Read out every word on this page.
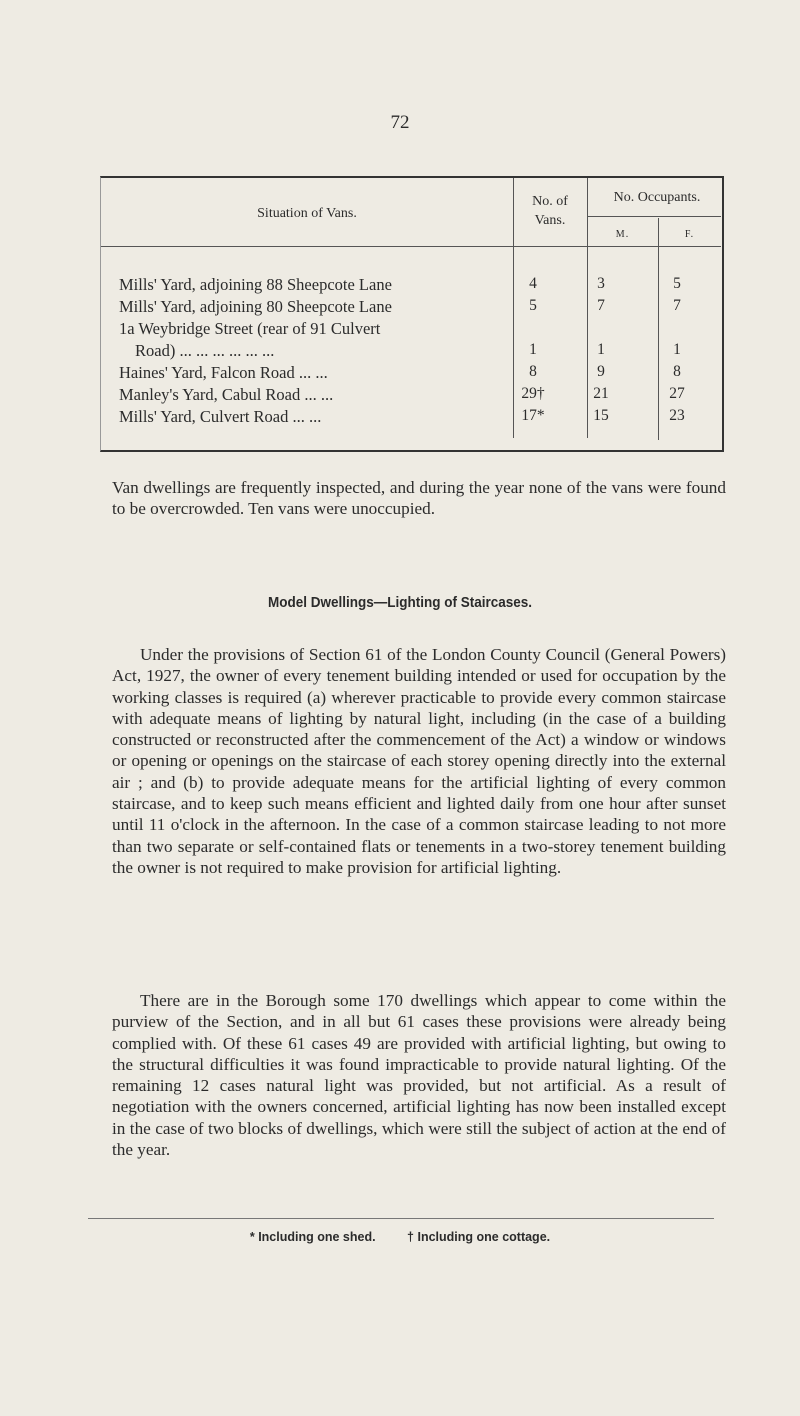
72
Situation of Vans.
No. of
Vans.
No. Occupants.
M.	F.
Mills' Yard, adjoining 88 Sheepcote Lane	4	3	5
Mills' Yard, adjoining 80 Sheepcote Lane	5	7	7
1a Weybridge Street (rear of 91 Culvert
Road) ... ... ... ... ... ...	1	1	1
Haines' Yard, Falcon Road ... ...	8	9	8
Manley's Yard, Cabul Road ... ...	29†	21	27
Mills' Yard, Culvert Road ... ...	17*	15	23

Van dwellings are frequently inspected, and during the year none of the vans were found to be overcrowded. Ten vans were unoccupied.

Model Dwellings—Lighting of Staircases.

Under the provisions of Section 61 of the London County Council (General Powers) Act, 1927, the owner of every tenement building intended or used for occupation by the working classes is required (a) wherever practicable to provide every common staircase with adequate means of lighting by natural light, including (in the case of a building constructed or reconstructed after the commencement of the Act) a window or windows or opening or openings on the staircase of each storey opening directly into the external air ; and (b) to provide adequate means for the artificial lighting of every common staircase, and to keep such means efficient and lighted daily from one hour after sunset until 11 o'clock in the afternoon. In the case of a common staircase leading to not more than two separate or self-contained flats or tenements in a two-storey tenement building the owner is not required to make provision for artificial lighting.

There are in the Borough some 170 dwellings which appear to come within the purview of the Section, and in all but 61 cases these provisions were already being complied with. Of these 61 cases 49 are provided with artificial lighting, but owing to the structural difficulties it was found impracticable to provide natural lighting. Of the remaining 12 cases natural light was provided, but not artificial. As a result of negotiation with the owners concerned, artificial lighting has now been installed except in the case of two blocks of dwellings, which were still the subject of action at the end of the year.

* Including one shed.	† Including one cottage.
